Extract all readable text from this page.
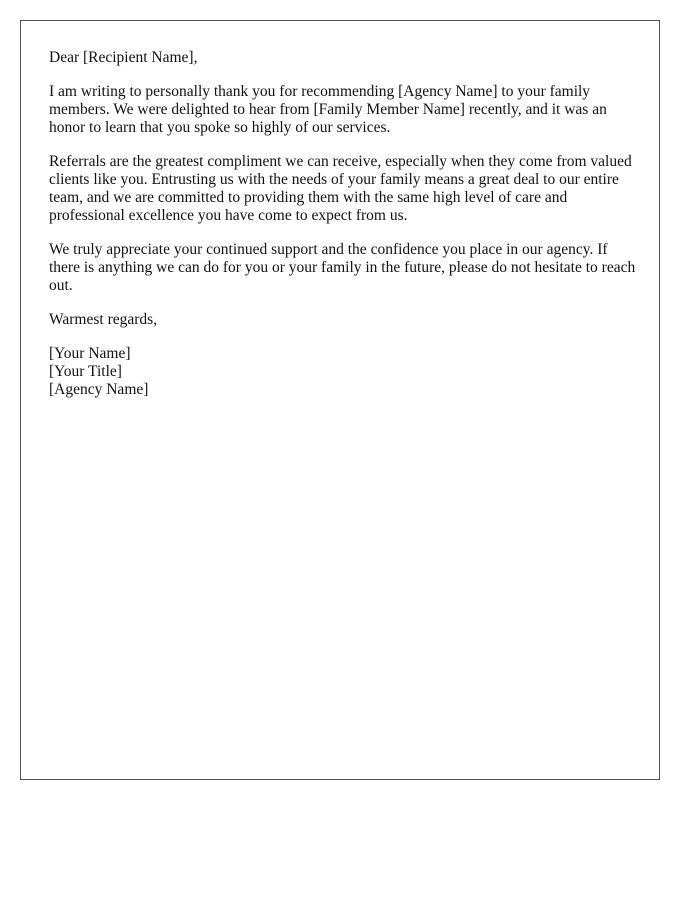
Dear [Recipient Name],

I am writing to personally thank you for recommending [Agency Name] to your family members. We were delighted to hear from [Family Member Name] recently, and it was an honor to learn that you spoke so highly of our services.

Referrals are the greatest compliment we can receive, especially when they come from valued clients like you. Entrusting us with the needs of your family means a great deal to our entire team, and we are committed to providing them with the same high level of care and professional excellence you have come to expect from us.

We truly appreciate your continued support and the confidence you place in our agency. If there is anything we can do for you or your family in the future, please do not hesitate to reach out.

Warmest regards,

[Your Name]

[Your Title]

[Agency Name]
